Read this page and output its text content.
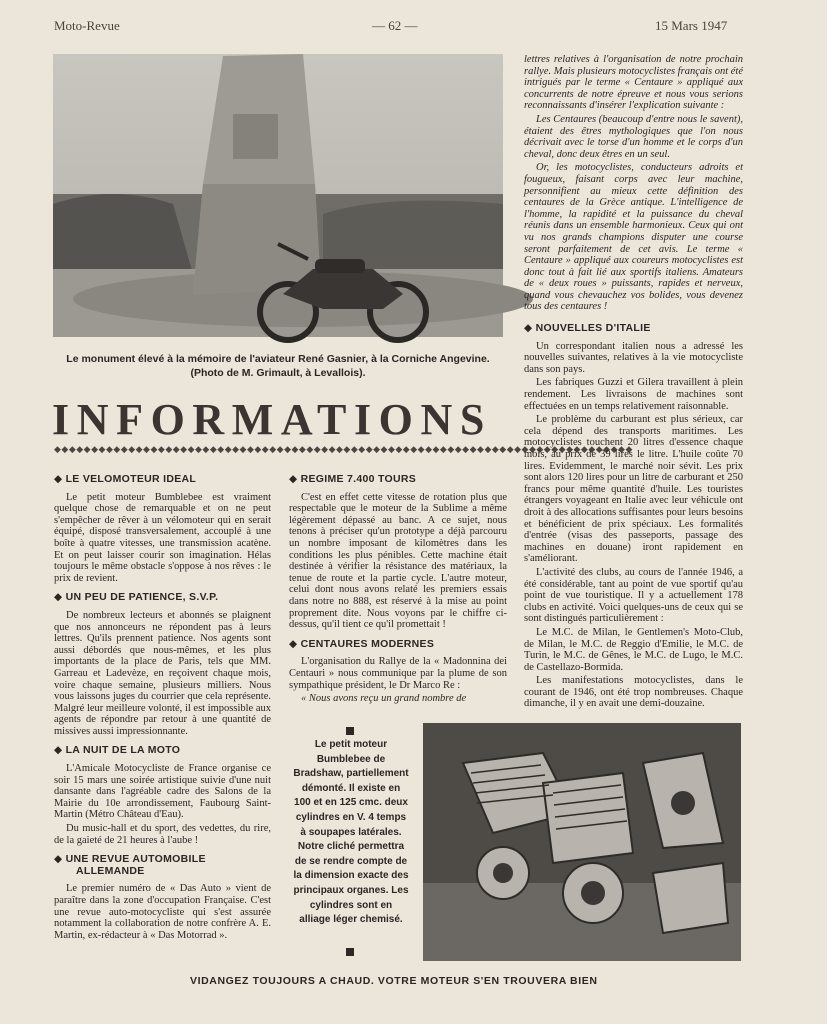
Moto-Revue	— 62 —	15 Mars 1947
Le monument élevé à la mémoire de l'aviateur René Gasnier, à la Corniche Angevine. (Photo de M. Grimault, à Levallois).
INFORMATIONS
◆◆◆◆◆◆◆◆◆◆◆◆◆◆◆◆◆◆◆◆◆◆◆◆◆◆◆◆◆◆◆◆◆◆◆◆◆◆◆◆◆◆◆◆◆◆◆◆◆◆◆◆◆◆◆◆◆◆◆◆◆◆◆◆◆◆◆◆◆◆◆◆◆◆◆◆◆◆
◆ LE VELOMOTEUR IDEAL

Le petit moteur Bumblebee est vraiment quelque chose de remarquable et on ne peut s'empêcher de rêver à un vélomoteur qui en serait équipé, disposé transversalement, accouplé à une boîte à quatre vitesses, une transmission acatène. Et on peut laisser courir son imagination. Hélas toujours le même obstacle s'oppose à nos rêves : le prix de revient.

◆ UN PEU DE PATIENCE, S.V.P.

De nombreux lecteurs et abonnés se plaignent que nos annonceurs ne répondent pas à leurs lettres. Qu'ils prennent patience. Nos agents sont aussi débordés que nous-mêmes, et les plus importants de la place de Paris, tels que MM. Garreau et Ladevèze, en reçoivent chaque mois, voire chaque semaine, plusieurs milliers. Nous vous laissons juges du courrier que cela représente. Malgré leur meilleure volonté, il est impossible aux agents de répondre par retour à une quantité de missives aussi impressionnante.

◆ LA NUIT DE LA MOTO

L'Amicale Motocycliste de France organise ce soir 15 mars une soirée artistique suivie d'une nuit dansante dans l'agréable cadre des Salons de la Mairie du 10e arrondissement, Faubourg Saint-Martin (Métro Château d'Eau).

Du music-hall et du sport, des vedettes, du rire, de la gaieté de 21 heures à l'aube !

◆ UNE REVUE AUTOMOBILE
ALLEMANDE

Le premier numéro de « Das Auto » vient de paraître dans la zone d'occupation Française. C'est une revue auto-motocycliste qui s'est assurée notamment la collaboration de notre confrère A. E. Martin, ex-rédacteur à « Das Motorrad ».

◆ REGIME 7.400 TOURS

C'est en effet cette vitesse de rotation plus que respectable que le moteur de la Sublime a même légèrement dépassé au banc. A ce sujet, nous tenons à préciser qu'un prototype a déjà parcouru un nombre imposant de kilomètres dans les conditions les plus pénibles. Cette machine était destinée à vérifier la résistance des matériaux, la tenue de route et la partie cycle. L'autre moteur, celui dont nous avons relaté les premiers essais dans notre no 888, est réservé à la mise au point proprement dite. Nous voyons par le chiffre ci-dessus, qu'il tient ce qu'il promettait !

◆ CENTAURES MODERNES

L'organisation du Rallye de la « Madonnina dei Centauri » nous communique par la plume de son sympathique président, le Dr Marco Re :

« Nous avons reçu un grand nombre de

lettres relatives à l'organisation de notre prochain rallye. Mais plusieurs motocyclistes français ont été intrigués par le terme « Centaure » appliqué aux concurrents de notre épreuve et nous vous serions reconnaissants d'insérer l'explication suivante :

Les Centaures (beaucoup d'entre nous le savent), étaient des êtres mythologiques que l'on nous décrivait avec le torse d'un homme et le corps d'un cheval, donc deux êtres en un seul.

Or, les motocyclistes, conducteurs adroits et fougueux, faisant corps avec leur machine, personnifient au mieux cette définition des centaures de la Grèce antique. L'intelligence de l'homme, la rapidité et la puissance du cheval réunis dans un ensemble harmonieux. Ceux qui ont vu nos grands champions disputer une course seront parfaitement de cet avis. Le terme « Centaure » appliqué aux coureurs motocyclistes est donc tout à fait lié aux sportifs italiens. Amateurs de « deux roues » puissants, rapides et nerveux, quand vous chevauchez vos bolides, vous devenez tous des centaures !

◆ NOUVELLES D'ITALIE

Un correspondant italien nous a adressé les nouvelles suivantes, relatives à la vie motocycliste dans son pays.

Les fabriques Guzzi et Gilera travaillent à plein rendement. Les livraisons de machines sont effectuées en un temps relativement raisonnable.

Le problème du carburant est plus sérieux, car cela dépend des transports maritimes. Les motocyclistes touchent 20 litres d'essence chaque mois, au prix de 39 lires le litre. L'huile coûte 70 lires. Evidemment, le marché noir sévit. Les prix sont alors 120 lires pour un litre de carburant et 250 francs pour même quantité d'huile. Les touristes étrangers voyageant en Italie avec leur véhicule ont droit à des allocations suffisantes pour leurs besoins et bénéficient de prix spéciaux. Les formalités d'entrée (visas des passeports, passage des machines en douane) iront rapidement en s'améliorant.

L'activité des clubs, au cours de l'année 1946, a été considérable, tant au point de vue sportif qu'au point de vue touristique. Il y a actuellement 178 clubs en activité. Voici quelques-uns de ceux qui se sont distingués particulièrement :

Le M.C. de Milan, le Gentlemen's Moto-Club, de Milan, le M.C. de Reggio d'Emilie, le M.C. de Turin, le M.C. de Gênes, le M.C. de Lugo, le M.C. de Castellazo-Bormida.

Les manifestations motocyclistes, dans le courant de 1946, ont été trop nombreuses. Chaque dimanche, il y en avait une demi-douzaine.

Le petit moteur Bumblebee de Bradshaw, partiellement démonté. Il existe en 100 et en 125 cmc. deux cylindres en V. 4 temps à soupapes latérales. Notre cliché permettra de se rendre compte de la dimension exacte des principaux organes. Les cylindres sont en alliage léger chemisé.
VIDANGEZ TOUJOURS A CHAUD. VOTRE MOTEUR S'EN TROUVERA BIEN
